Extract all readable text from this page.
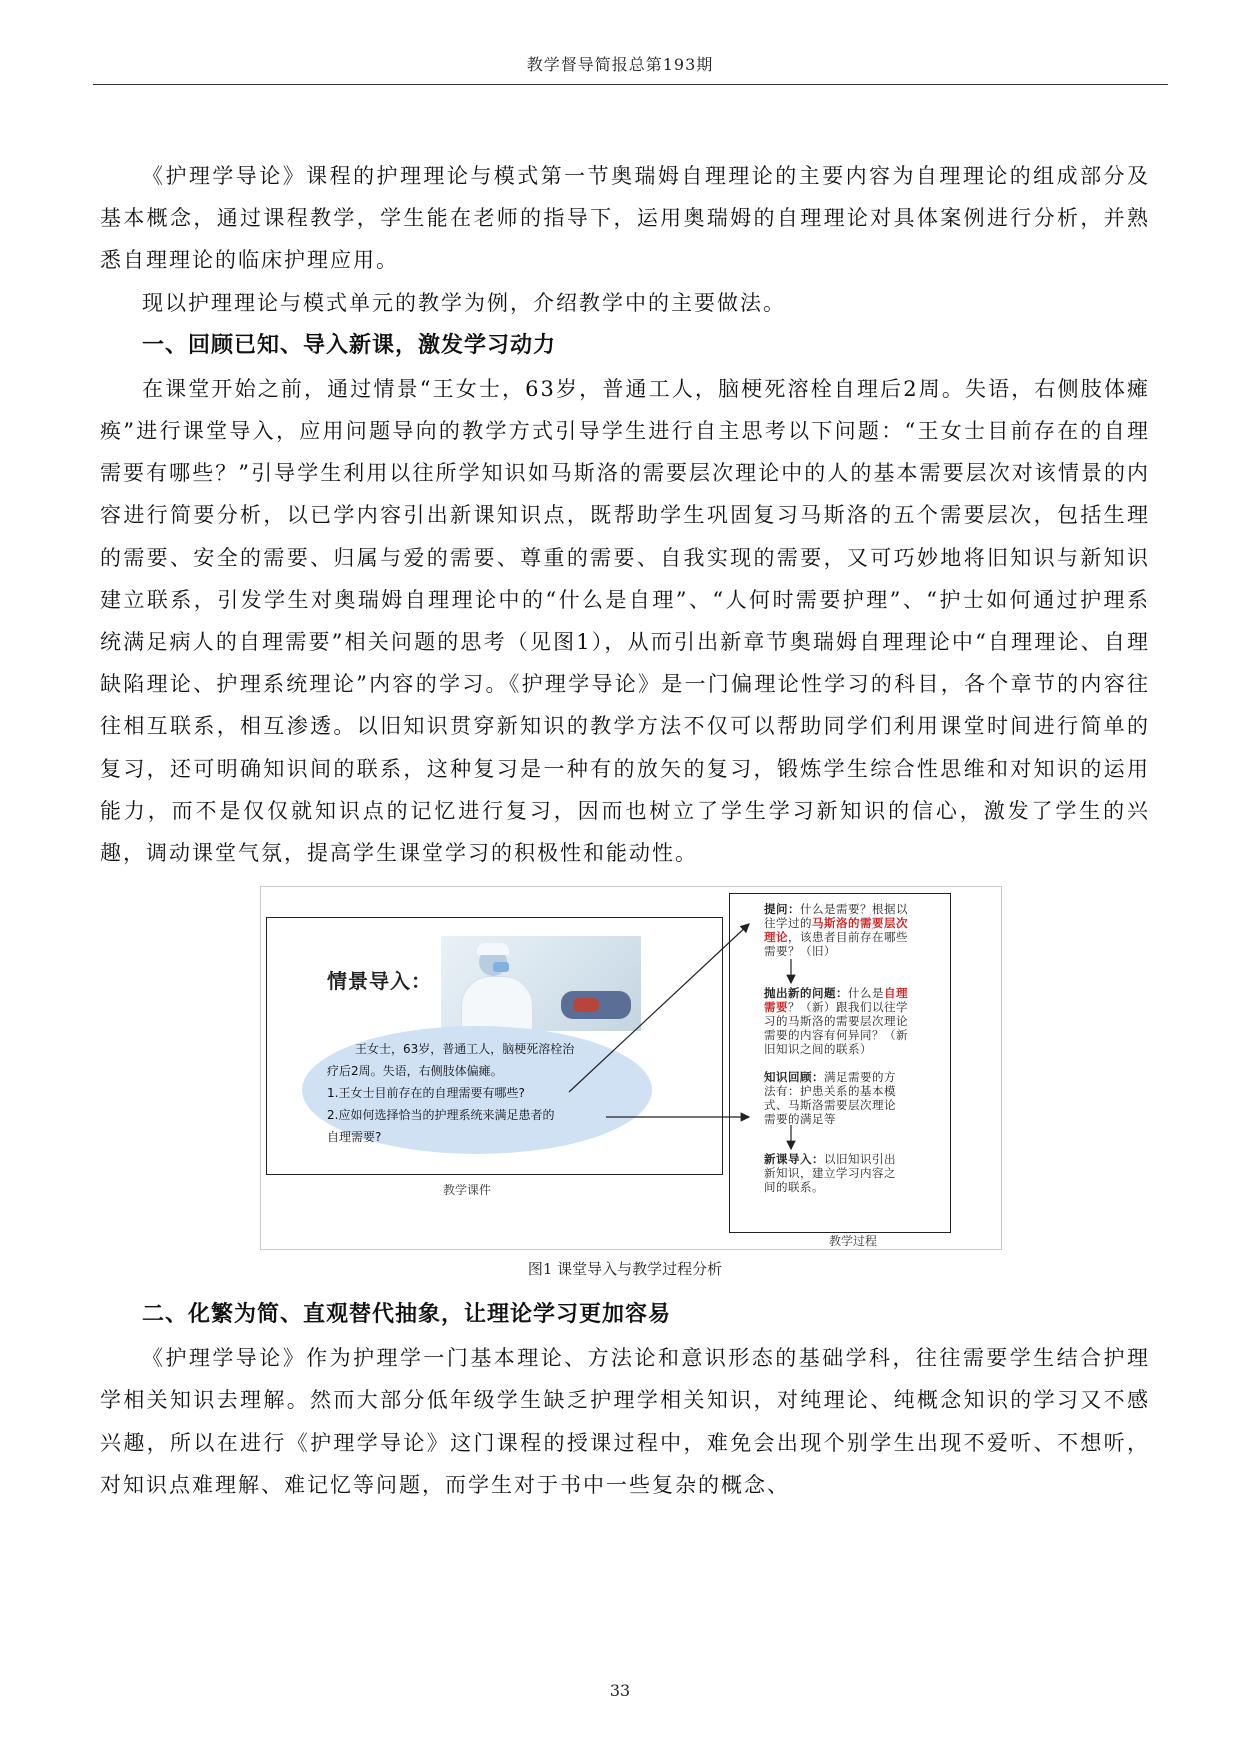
教学督导简报总第193期

《护理学导论》课程的护理理论与模式第一节奥瑞姆自理理论的主要内容为自理理论的组成部分及基本概念，通过课程教学，学生能在老师的指导下，运用奥瑞姆的自理理论对具体案例进行分析，并熟悉自理理论的临床护理应用。

现以护理理论与模式单元的教学为例，介绍教学中的主要做法。

一、回顾已知、导入新课，激发学习动力

在课堂开始之前，通过情景“王女士，63岁，普通工人，脑梗死溶栓自理后2周。失语，右侧肢体瘫痪”进行课堂导入，应用问题导向的教学方式引导学生进行自主思考以下问题：“王女士目前存在的自理需要有哪些？”引导学生利用以往所学知识如马斯洛的需要层次理论中的人的基本需要层次对该情景的内容进行简要分析，以已学内容引出新课知识点，既帮助学生巩固复习马斯洛的五个需要层次，包括生理的需要、安全的需要、归属与爱的需要、尊重的需要、自我实现的需要，又可巧妙地将旧知识与新知识建立联系，引发学生对奥瑞姆自理理论中的“什么是自理”、“人何时需要护理”、“护士如何通过护理系统满足病人的自理需要”相关问题的思考（见图1），从而引出新章节奥瑞姆自理理论中“自理理论、自理缺陷理论、护理系统理论”内容的学习。《护理学导论》是一门偏理论性学习的科目，各个章节的内容往往相互联系，相互渗透。以旧知识贯穿新知识的教学方法不仅可以帮助同学们利用课堂时间进行简单的复习，还可明确知识间的联系，这种复习是一种有的放矢的复习，锻炼学生综合性思维和对知识的运用能力，而不是仅仅就知识点的记忆进行复习，因而也树立了学生学习新知识的信心，激发了学生的兴趣，调动课堂气氛，提高学生课堂学习的积极性和能动性。

情景导入：
王女士，63岁，普通工人，脑梗死溶栓治
疗后2周。失语，右侧肢体偏瘫。
1.王女士目前存在的自理需要有哪些?
2.应如何选择恰当的护理系统来满足患者的
自理需要?
教学课件
提问：什么是需要？根据以
往学过的马斯洛的需要层次
理论，该患者目前存在哪些
需要？（旧）
抛出新的问题：什么是自理
需要？（新）跟我们以往学
习的马斯洛的需要层次理论
需要的内容有何异同？（新
旧知识之间的联系）
知识回顾：满足需要的方
法有：护患关系的基本模
式、马斯洛需要层次理论
需要的满足等
新课导入：以旧知识引出
新知识，建立学习内容之
间的联系。
教学过程
图1 课堂导入与教学过程分析
二、化繁为简、直观替代抽象，让理论学习更加容易

《护理学导论》作为护理学一门基本理论、方法论和意识形态的基础学科，往往需要学生结合护理学相关知识去理解。然而大部分低年级学生缺乏护理学相关知识，对纯理论、纯概念知识的学习又不感兴趣，所以在进行《护理学导论》这门课程的授课过程中，难免会出现个别学生出现不爱听、不想听，对知识点难理解、难记忆等问题，而学生对于书中一些复杂的概念、

33
